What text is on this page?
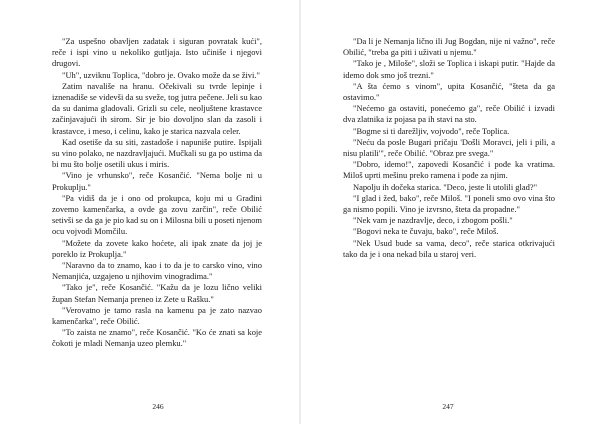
"Za uspešno obavljen zadatak i siguran povratak kući", reče i ispi vino u nekoliko gutljaja. Isto učiniše i njegovi drugovi.

"Uh", uzviknu Toplica, "dobro je. Ovako može da se živi."

Zatim navališe na hranu. Očekivali su tvrde lepinje i iznenadiše se videvši da su sveže, tog jutra pečene. Jeli su kao da su danima gladovali. Grizli su cele, neoljuštene krastavce začinjavajući ih sirom. Sir je bio dovoljno slan da zasoli i krastavce, i meso, i celinu, kako je starica nazvala celer.

Kad osetiše da su siti, zastadoše i napuniše putire. Ispijali su vino polako, ne nazdravljajući. Mučkali su ga po ustima da bi mu što bolje osetili ukus i miris.

"Vino je vrhunsko", reče Kosančić. "Nema bolje ni u Prokuplju."

"Pa vidiš da je i ono od prokupca, koju mi u Građini zovemo kamenčarka, a ovde ga zovu zarčin", reče Obilić setivši se da ga je pio kad su on i Milosna bili u poseti njenom ocu vojvodi Momčilu.

"Možete da zovete kako hoćete, ali ipak znate da joj je poreklo iz Prokuplja."

"Naravno da to znamo, kao i to da je to carsko vino, vino Nemanjića, uzgajeno u njihovim vinogradima."

"Tako je", reče Kosančić. "Kažu da je lozu lično veliki župan Stefan Nemanja preneo iz Zete u Rašku."

"Verovatno je tamo rasla na kamenu pa je zato nazvao kamenčarka", reče Obilić.

"To zaista ne znamo", reče Kosančić. "Ko će znati sa koje čokoti je mladi Nemanja uzeo plemku."

246

"Da li je Nemanja lično ili Jug Bogdan, nije ni važno", reče Obilić, "treba ga piti i uživati u njemu."

"Tako je , Miloše", složi se Toplica i iskapi putir. "Hajde da idemo dok smo još trezni."

"A šta ćemo s vinom", upita Kosančić, "šteta da ga ostavimo."

"Nećemo ga ostaviti, ponećemo ga", reče Obilić i izvadi dva zlatnika iz pojasa pa ih stavi na sto.

"Bogme si ti darežljiv, vojvodo", reče Toplica.

"Neću da posle Bugari pričaju 'Došli Moravci, jeli i pili, a nisu platili'", reče Obilić. "Obraz pre svega."

"Dobro, idemo!", zapovedi Kosančić i pođe ka vratima. Miloš uprti mešinu preko ramena i pođe za njim.

Napolju ih dočeka starica. "Deco, jeste li utolili glad?"

"I glad i žeđ, bako", reče Miloš. "I poneli smo ovo vina što ga nismo popili. Vino je izvrsno, šteta da propadne."

"Nek vam je nazdravlje, deco, i zbogom pošli."

"Bogovi neka te čuvaju, bako", reče Miloš.

"Nek Usud bude sa vama, deco", reče starica otkrivajući tako da je i ona nekad bila u staroj veri.

247
